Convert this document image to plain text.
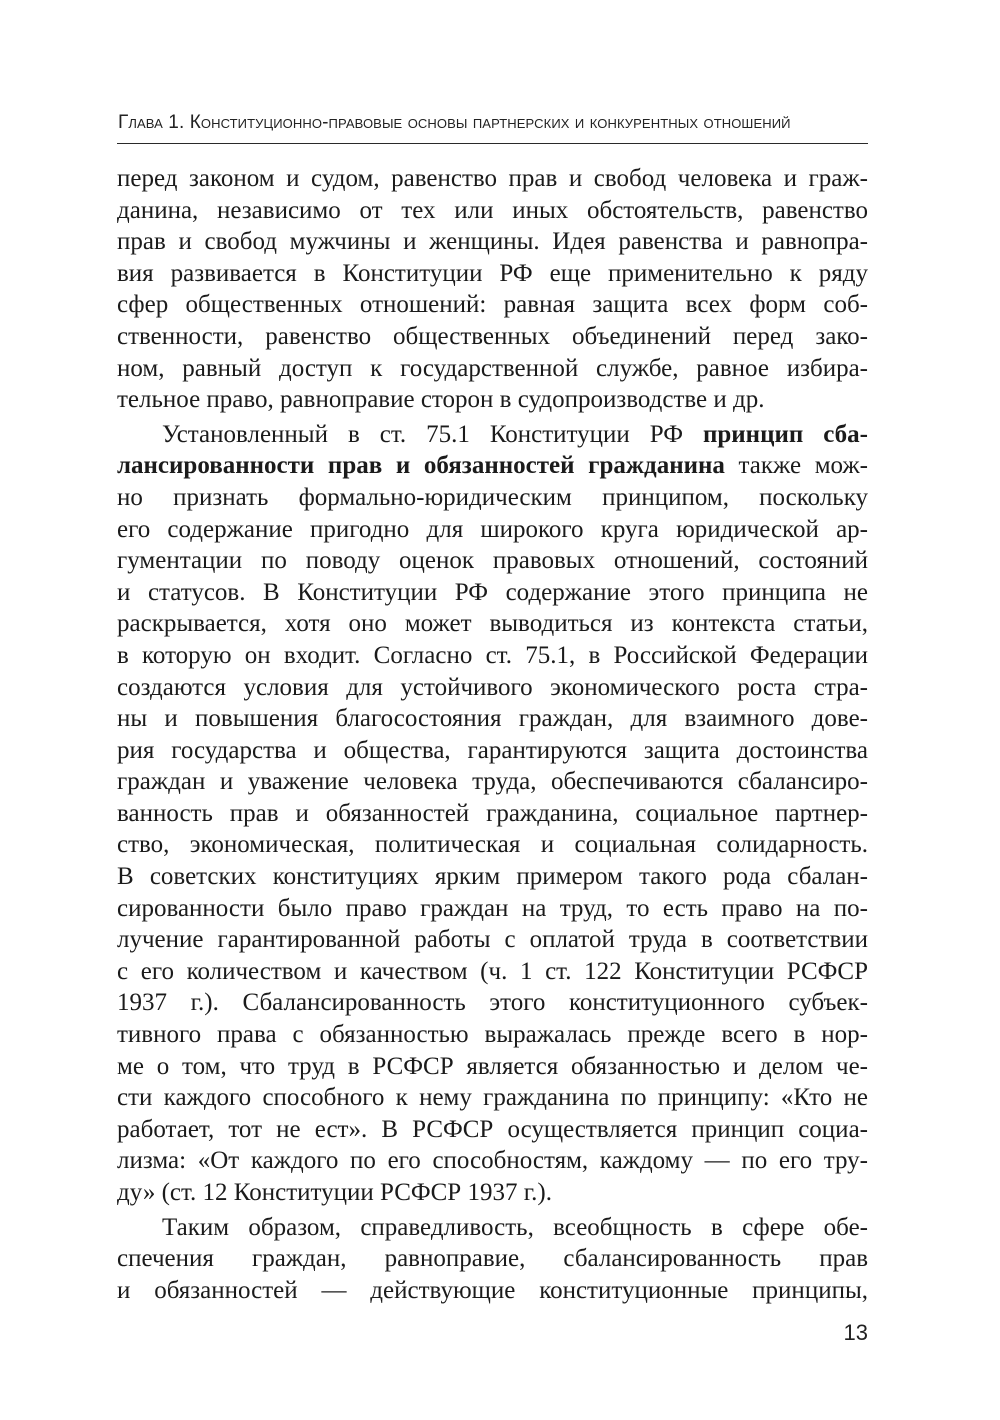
Глава 1. Конституционно-правовые основы партнерских и конкурентных отношений
перед законом и судом, равенство прав и свобод человека и граж-
данина, независимо от тех или иных обстоятельств, равенство
прав и свобод мужчины и женщины. Идея равенства и равнопра-
вия развивается в Конституции РФ еще применительно к ряду
сфер общественных отношений: равная защита всех форм соб-
ственности, равенство общественных объединений перед зако-
ном, равный доступ к государственной службе, равное избира-
тельное право, равноправие сторон в судопроизводстве и др.
Установленный в ст. 75.1 Конституции РФ принцип сба-
лансированности прав и обязанностей гражданина также мож-
но признать формально-юридическим принципом, поскольку
его содержание пригодно для широкого круга юридической ар-
гументации по поводу оценок правовых отношений, состояний
и статусов. В Конституции РФ содержание этого принципа не
раскрывается, хотя оно может выводиться из контекста статьи,
в которую он входит. Согласно ст. 75.1, в Российской Федерации
создаются условия для устойчивого экономического роста стра-
ны и повышения благосостояния граждан, для взаимного дове-
рия государства и общества, гарантируются защита достоинства
граждан и уважение человека труда, обеспечиваются сбалансиро-
ванность прав и обязанностей гражданина, социальное партнер-
ство, экономическая, политическая и социальная солидарность.
В советских конституциях ярким примером такого рода сбалан-
сированности было право граждан на труд, то есть право на по-
лучение гарантированной работы с оплатой труда в соответствии
с его количеством и качеством (ч. 1 ст. 122 Конституции РСФСР
1937 г.). Сбалансированность этого конституционного субъек-
тивного права с обязанностью выражалась прежде всего в нор-
ме о том, что труд в РСФСР является обязанностью и делом че-
сти каждого способного к нему гражданина по принципу: «Кто не
работает, тот не ест». В РСФСР осуществляется принцип социа-
лизма: «От каждого по его способностям, каждому — по его тру-
ду» (ст. 12 Конституции РСФСР 1937 г.).
Таким образом, справедливость, всеобщность в сфере обе-
спечения граждан, равноправие, сбалансированность прав
и обязанностей — действующие конституционные принципы,
13
